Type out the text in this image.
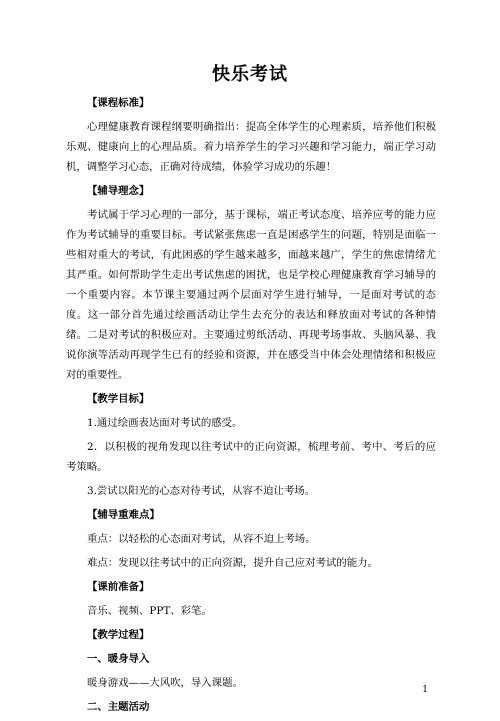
快乐考试
【课程标准】
心理健康教育课程纲要明确指出：提高全体学生的心理素质，培养他们积极乐观、健康向上的心理品质。着力培养学生的学习兴趣和学习能力，端正学习动机，调整学习心态，正确对待成绩，体验学习成功的乐趣！
【辅导理念】
考试属于学习心理的一部分，基于课标，端正考试态度、培养应考的能力应作为考试辅导的重要目标。考试紧张焦虑一直是困惑学生的问题，特别是面临一些相对重大的考试，有此困惑的学生越来越多，面越来越广，学生的焦虑情绪尤其严重。如何帮助学生走出考试焦虑的困扰，也是学校心理健康教育学习辅导的一个重要内容。本节课主要通过两个层面对学生进行辅导，一是面对考试的态度。这一部分首先通过绘画活动让学生去充分的表达和释放面对考试的各种情绪。二是对考试的积极应对。主要通过剪纸活动、再现考场事故、头脑风暴、我说你演等活动再现学生已有的经验和资源，并在感受当中体会处理情绪和积极应对的重要性。
【教学目标】
1.通过绘画表达面对考试的感受。
2．以积极的视角发现以往考试中的正向资源，梳理考前、考中、考后的应考策略。
3.尝试以阳光的心态对待考试，从容不迫让考场。
【辅导重难点】
重点：以轻松的心态面对考试，从容不迫上考场。
难点：发现以往考试中的正向资源，提升自己应对考试的能力。
【课前准备】
音乐、视频、PPT、彩笔。
【教学过程】
一、暖身导入
暖身游戏——大风吹，导入课题。
二、主题活动
1
